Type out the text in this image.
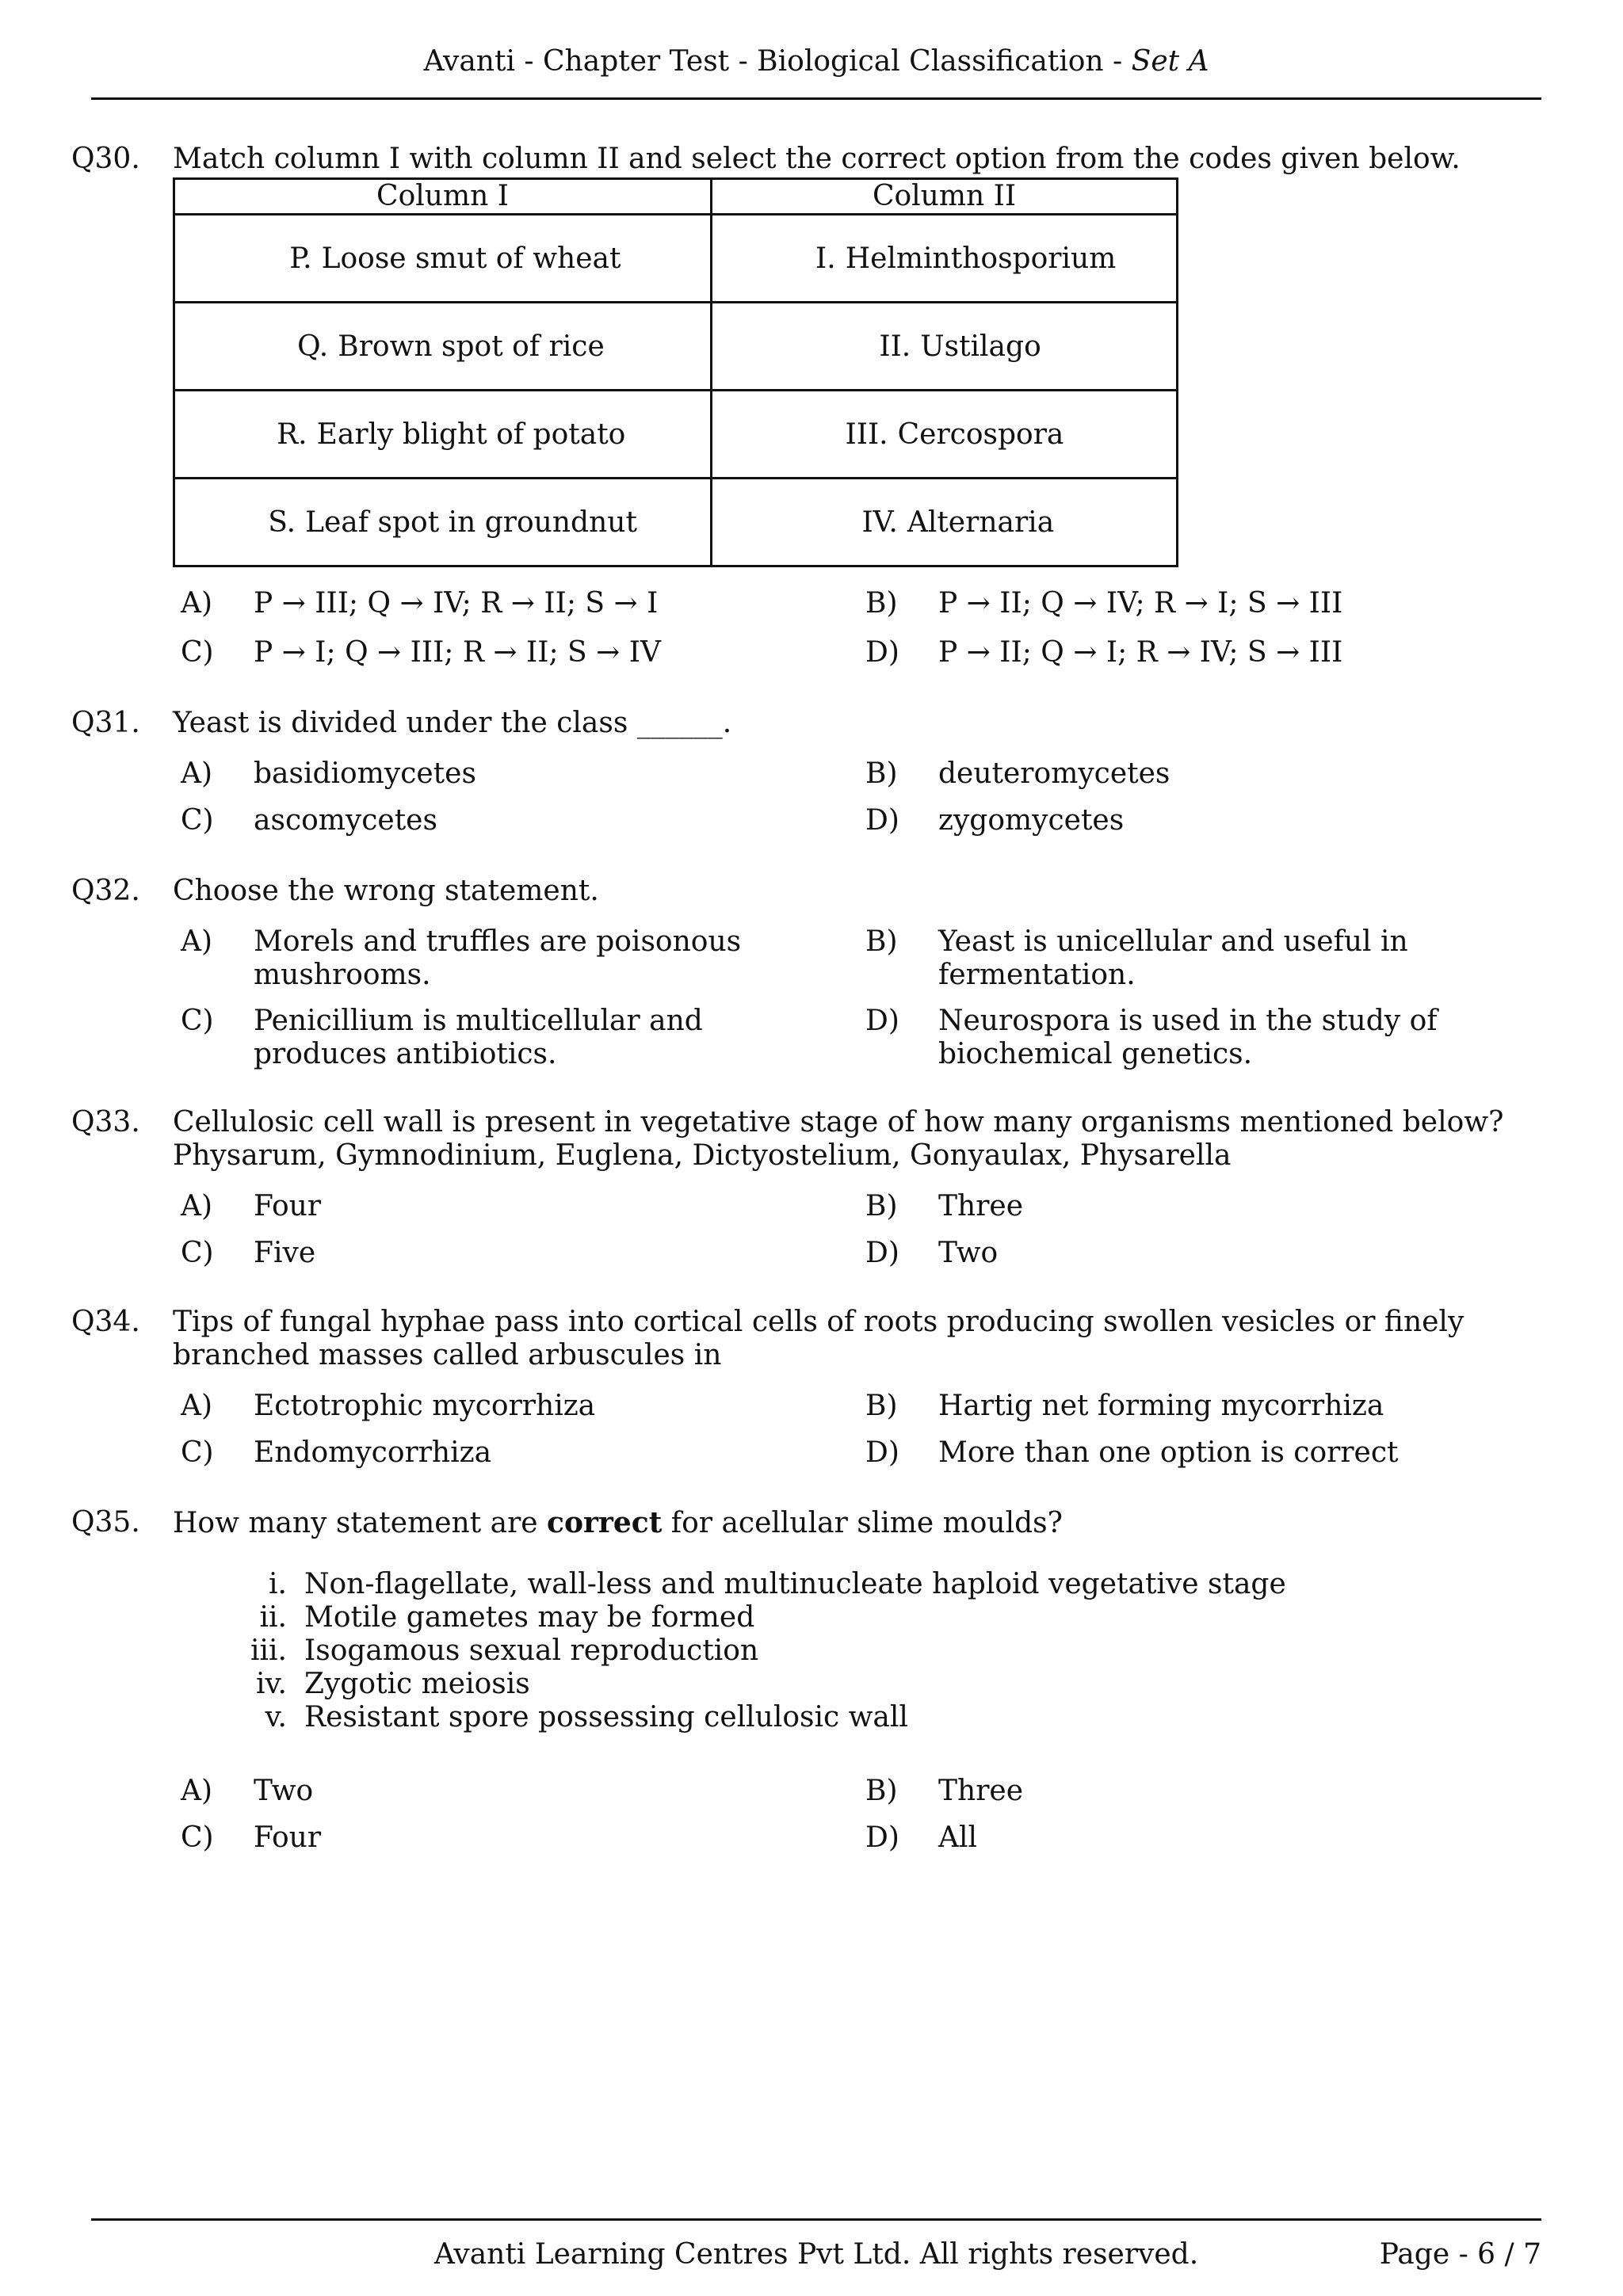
Avanti - Chapter Test - Biological Classification - Set A
Q30. Match column I with column II and select the correct option from the codes given below.
Column I	Column II
P. Loose smut of wheat	I. Helminthosporium
Q. Brown spot of rice	II. Ustilago
R. Early blight of potato	III. Cercospora
S. Leaf spot in groundnut	IV. Alternaria
A) P → III; Q → IV; R → II; S → I	B) P → II; Q → IV; R → I; S → III
C) P → I; Q → III; R → II; S → IV	D) P → II; Q → I; R → IV; S → III
Q31. Yeast is divided under the class ______.
A) basidiomycetes	B) deuteromycetes
C) ascomycetes	D) zygomycetes
Q32. Choose the wrong statement.
A) Morels and truffles are poisonous mushrooms.
B) Yeast is unicellular and useful in fermentation.
C) Penicillium is multicellular and produces antibiotics.
D) Neurospora is used in the study of biochemical genetics.
Q33. Cellulosic cell wall is present in vegetative stage of how many organisms mentioned below?
Physarum, Gymnodinium, Euglena, Dictyostelium, Gonyaulax, Physarella
A) Four	B) Three
C) Five	D) Two
Q34. Tips of fungal hyphae pass into cortical cells of roots producing swollen vesicles or finely branched masses called arbuscules in
A) Ectotrophic mycorrhiza	B) Hartig net forming mycorrhiza
C) Endomycorrhiza	D) More than one option is correct
Q35. How many statement are correct for acellular slime moulds?
i. Non-flagellate, wall-less and multinucleate haploid vegetative stage
ii. Motile gametes may be formed
iii. Isogamous sexual reproduction
iv. Zygotic meiosis
v. Resistant spore possessing cellulosic wall
A) Two	B) Three
C) Four	D) All
Avanti Learning Centres Pvt Ltd. All rights reserved.	Page - 6 / 7
